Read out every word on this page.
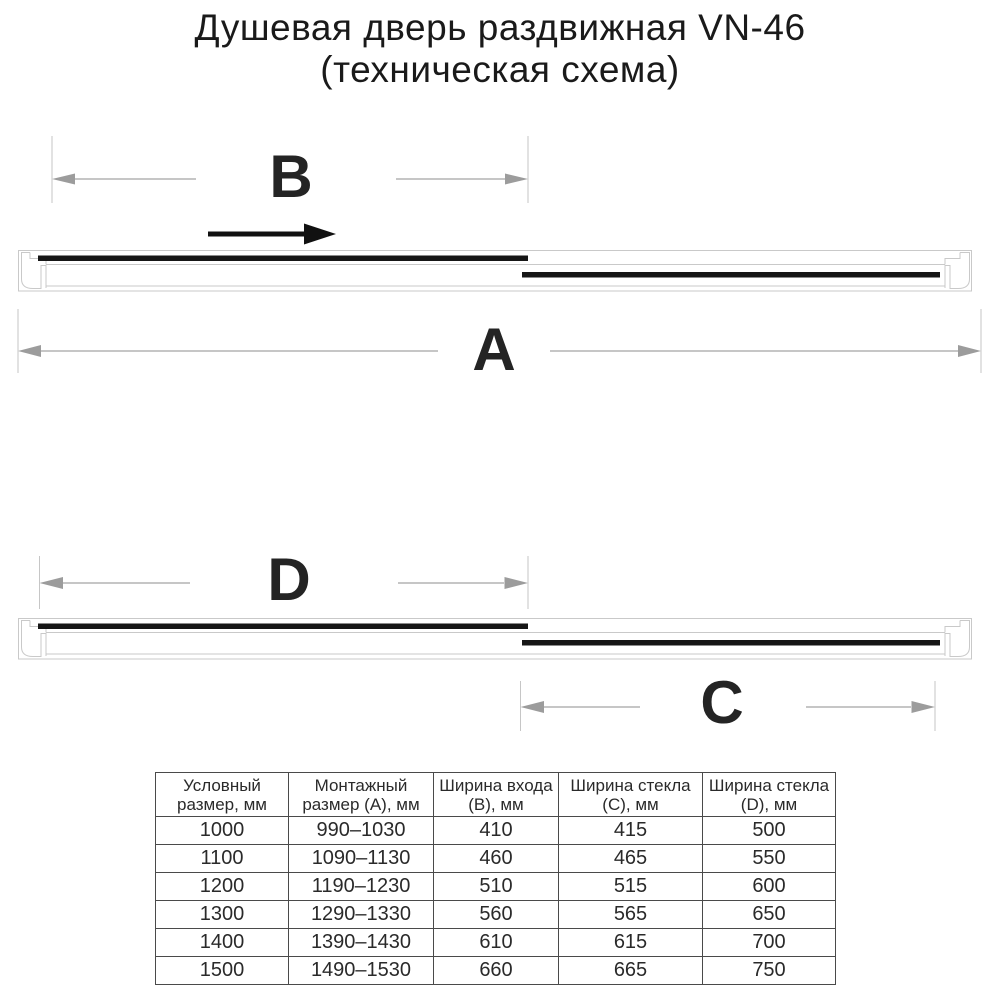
Душевая дверь раздвижная VN-46
(техническая схема)
B
A
D
C
Условный размер, мм	Монтажный размер (А), мм	Ширина входа (B), мм	Ширина стекла (C), мм	Ширина стекла (D), мм
1000	990–1030	410	415	500
1100	1090–1130	460	465	550
1200	1190–1230	510	515	600
1300	1290–1330	560	565	650
1400	1390–1430	610	615	700
1500	1490–1530	660	665	750
